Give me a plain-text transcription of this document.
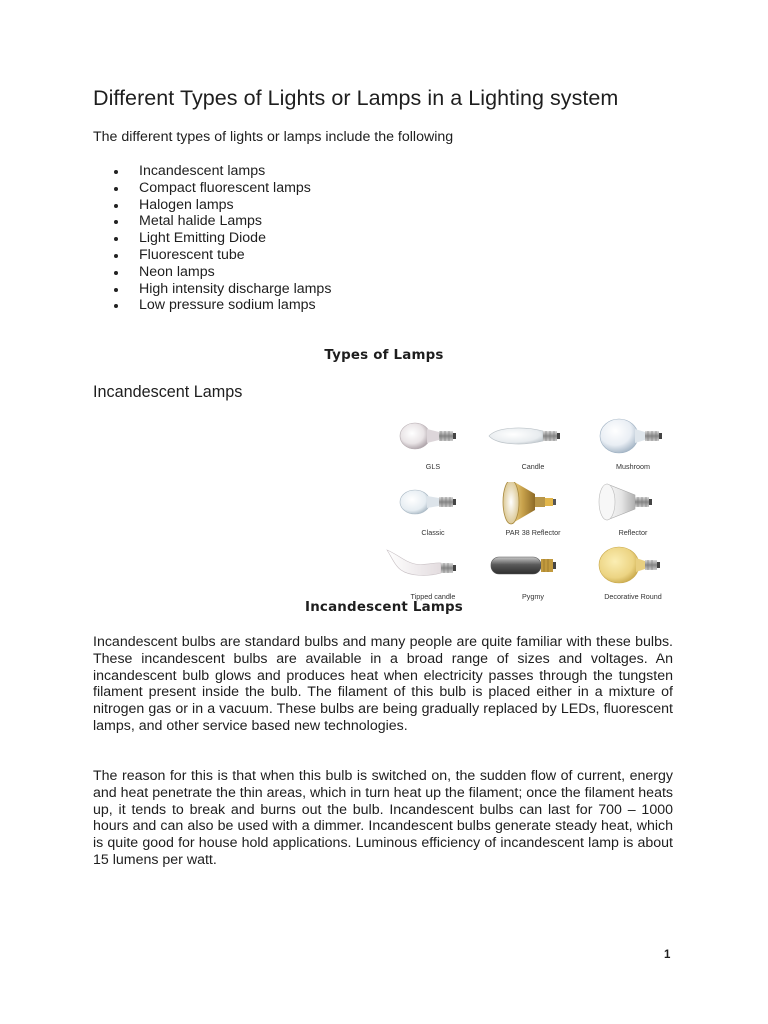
Different Types of Lights or Lamps in a Lighting system

The different types of lights or lamps include the following

Incandescent lamps
Compact fluorescent lamps
Halogen lamps
Metal halide Lamps
Light Emitting Diode
Fluorescent tube
Neon lamps
High intensity discharge lamps
Low pressure sodium lamps
Types of Lamps
Incandescent Lamps
GLS	Candle	Mushroom
Classic	PAR 38 Reflector	Reflector
Tipped candle	Pygmy	Decorative Round
Incandescent Lamps

Incandescent bulbs are standard bulbs and many people are quite familiar with these bulbs. These incandescent bulbs are available in a broad range of sizes and voltages. An incandescent bulb glows and produces heat when electricity passes through the tungsten filament present inside the bulb. The filament of this bulb is placed either in a mixture of nitrogen gas or in a vacuum. These bulbs are being gradually replaced by LEDs, fluorescent lamps, and other service based new technologies.

The reason for this is that when this bulb is switched on, the sudden flow of current, energy and heat penetrate the thin areas, which in turn heat up the filament; once the filament heats up, it tends to break and burns out the bulb. Incandescent bulbs can last for 700 – 1000 hours and can also be used with a dimmer. Incandescent bulbs generate steady heat, which is quite good for house hold applications. Luminous efficiency of incandescent lamp is about 15 lumens per watt.

1
